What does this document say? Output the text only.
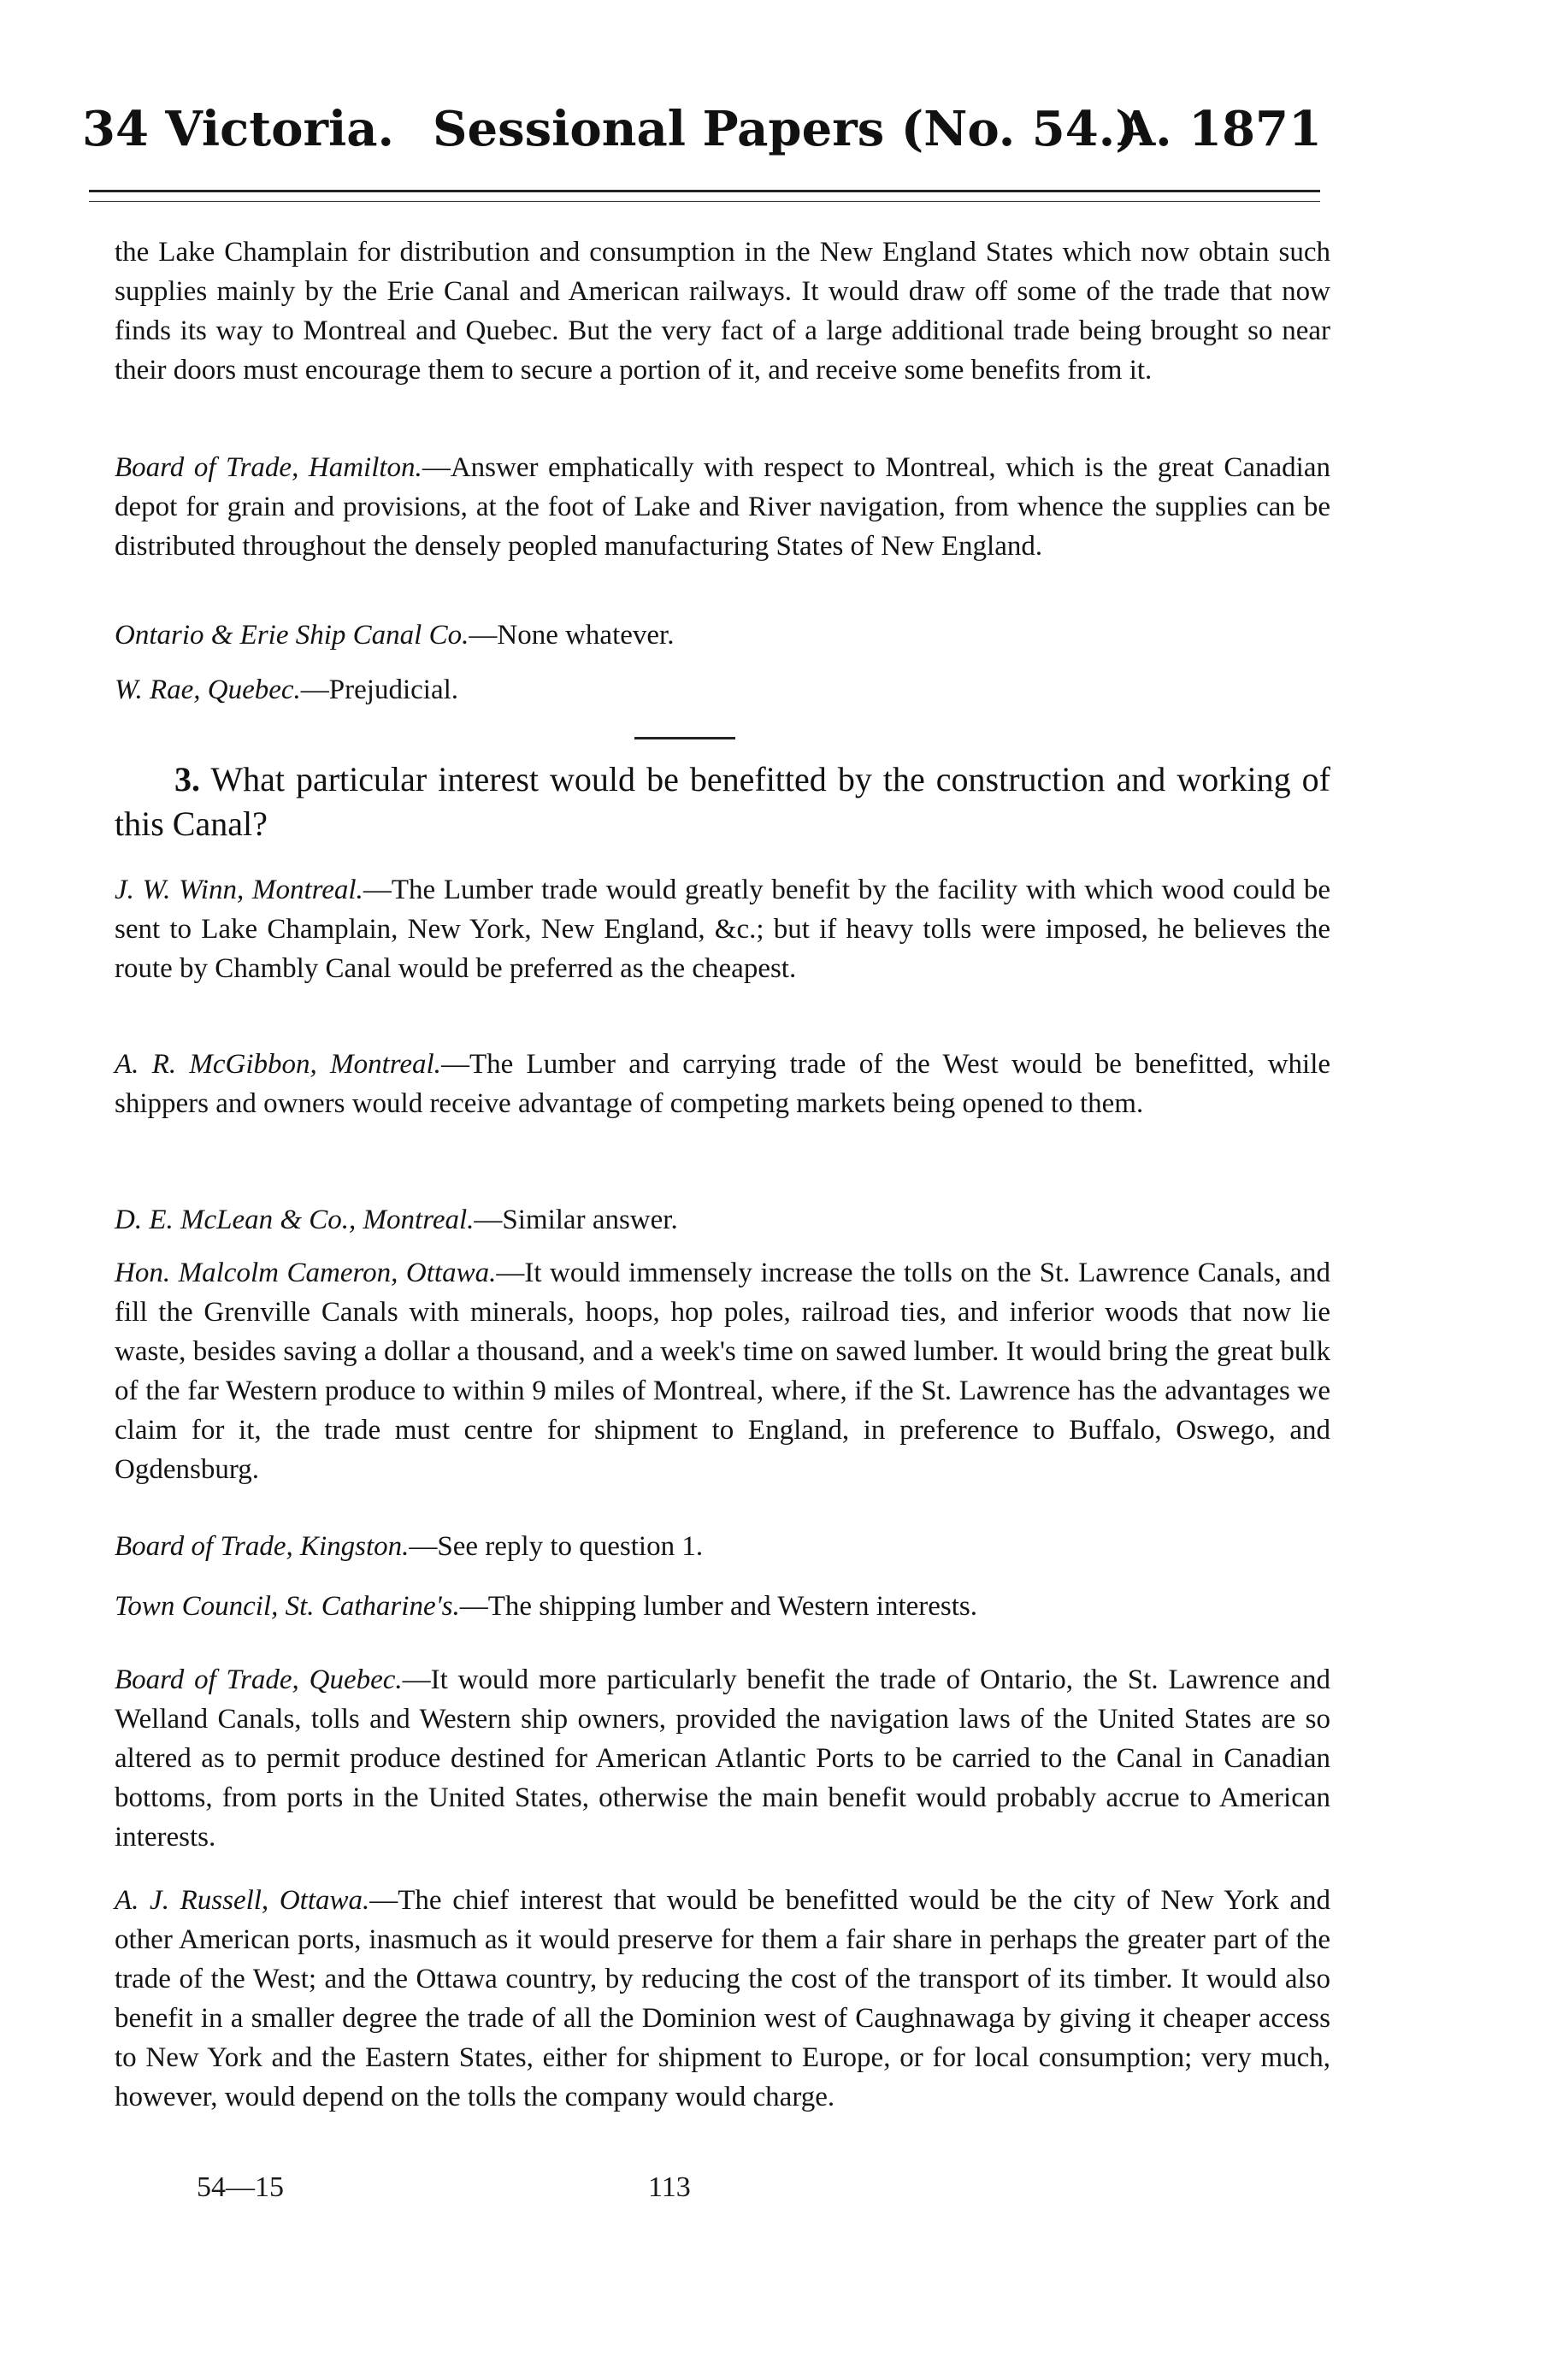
34 Victoria. Sessional Papers (No. 54.)
A. 1871

the Lake Champlain for distribution and consumption in the New England States which now obtain such supplies mainly by the Erie Canal and American railways. It would draw off some of the trade that now finds its way to Montreal and Quebec. But the very fact of a large additional trade being brought so near their doors must encourage them to secure a portion of it, and receive some benefits from it.

Board of Trade, Hamilton.—Answer emphatically with respect to Montreal, which is the great Canadian depot for grain and provisions, at the foot of Lake and River navigation, from whence the supplies can be distributed throughout the densely peopled manufacturing States of New England.

Ontario & Erie Ship Canal Co.—None whatever.

W. Rae, Quebec.—Prejudicial.

3. What particular interest would be benefitted by the construction and working of this Canal?

J. W. Winn, Montreal.—The Lumber trade would greatly benefit by the facility with which wood could be sent to Lake Champlain, New York, New England, &c.; but if heavy tolls were imposed, he believes the route by Chambly Canal would be preferred as the cheapest.

A. R. McGibbon, Montreal.—The Lumber and carrying trade of the West would be benefitted, while shippers and owners would receive advantage of competing markets being opened to them.

D. E. McLean & Co., Montreal.—Similar answer.

Hon. Malcolm Cameron, Ottawa.—It would immensely increase the tolls on the St. Lawrence Canals, and fill the Grenville Canals with minerals, hoops, hop poles, railroad ties, and inferior woods that now lie waste, besides saving a dollar a thousand, and a week's time on sawed lumber. It would bring the great bulk of the far Western produce to within 9 miles of Montreal, where, if the St. Lawrence has the advantages we claim for it, the trade must centre for shipment to England, in preference to Buffalo, Oswego, and Ogdensburg.

Board of Trade, Kingston.—See reply to question 1.

Town Council, St. Catharine's.—The shipping lumber and Western interests.

Board of Trade, Quebec.—It would more particularly benefit the trade of Ontario, the St. Lawrence and Welland Canals, tolls and Western ship owners, provided the navigation laws of the United States are so altered as to permit produce destined for American Atlantic Ports to be carried to the Canal in Canadian bottoms, from ports in the United States, otherwise the main benefit would probably accrue to American interests.

A. J. Russell, Ottawa.—The chief interest that would be benefitted would be the city of New York and other American ports, inasmuch as it would preserve for them a fair share in perhaps the greater part of the trade of the West; and the Ottawa country, by reducing the cost of the transport of its timber. It would also benefit in a smaller degree the trade of all the Dominion west of Caughnawaga by giving it cheaper access to New York and the Eastern States, either for shipment to Europe, or for local consumption; very much, however, would depend on the tolls the company would charge.

54—15	113
